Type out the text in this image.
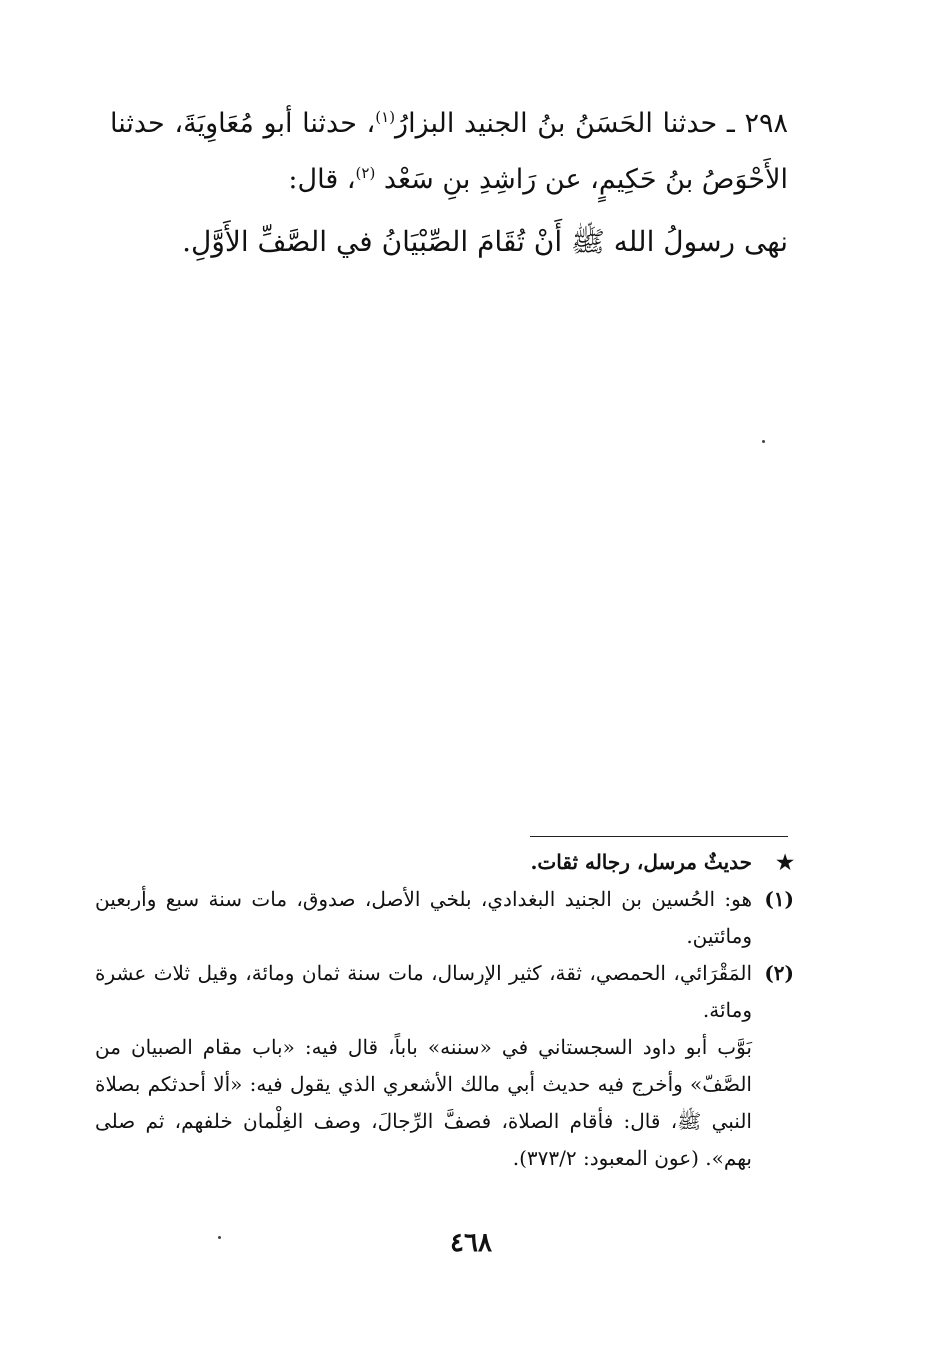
٢٩٨ ـ حدثنا الحَسَنُ بنُ الجنيد البزارُ$^{(١)}$، حدثنا أبو مُعَاوِيَةَ، حدثنا الأَحْوَصُ بنُ حَكِيمٍ، عن رَاشِدِ بنِ سَعْد $^{(٢)}$، قال:

نهى رسولُ الله ﷺ أَنْ تُقَامَ الصِّبْيَانُ في الصَّفِّ الأَوَّلِ.

★
حديثٌ مرسل، رجاله ثقات.
(١)
هو: الحُسين بن الجنيد البغدادي، بلخي الأصل، صدوق، مات سنة سبع وأربعين ومائتين.
(٢)
المَقْرَائي، الحمصي، ثقة، كثير الإرسال، مات سنة ثمان ومائة، وقيل ثلاث عشرة ومائة.
بَوَّب أبو داود السجستاني في «سننه» باباً، قال فيه: «باب مقام الصبيان من الصَّفّ» وأخرج فيه حديث أبي مالك الأشعري الذي يقول فيه: «ألا أحدثكم بصلاة النبي ﷺ، قال: فأقام الصلاة، فصفَّ الرِّجالَ، وصف الغِلْمان خلفهم، ثم صلى بهم». (عون المعبود: ٣٧٣/٢).
٤٦٨
